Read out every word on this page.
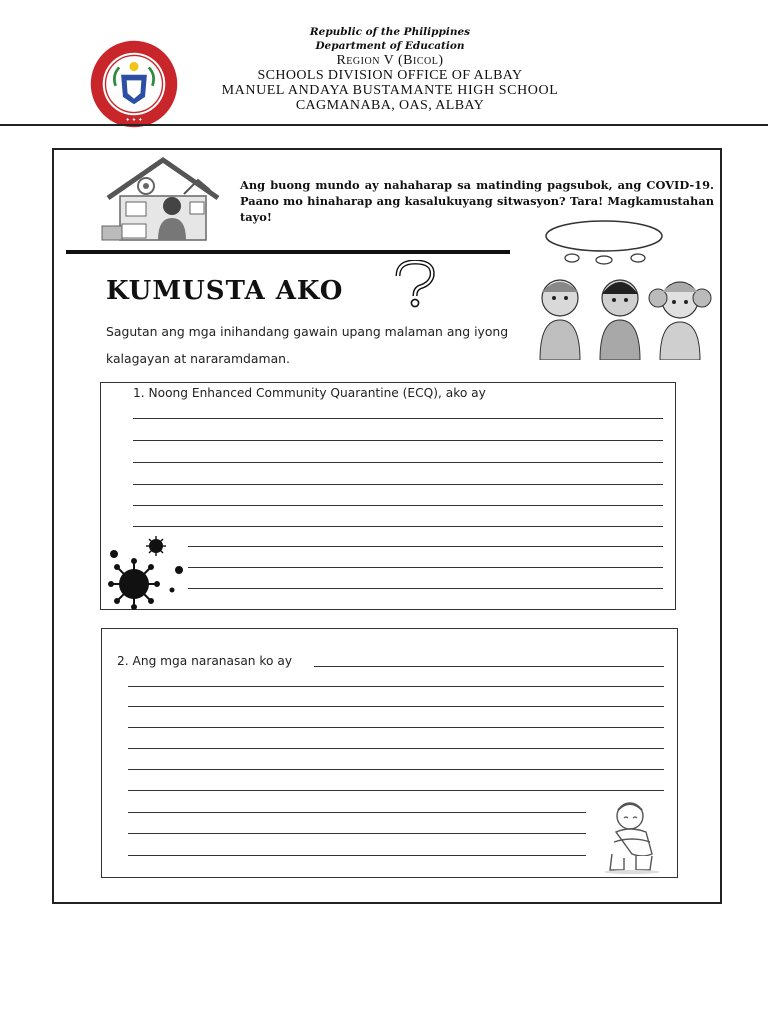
✦ ✦ ✦
Republic of the Philippines
Department of Education
Region V (Bicol)
SCHOOLS DIVISION OFFICE OF ALBAY
MANUEL ANDAYA BUSTAMANTE HIGH SCHOOL
CAGMANABA, OAS, ALBAY
Ang buong mundo ay nahaharap sa matinding pagsubok, ang COVID-19. Paano mo hinaharap ang kasalukuyang sitwasyon? Tara! Magkamustahan tayo!
KUMUSTA AKO
Sagutan ang mga inihandang gawain upang malaman ang iyong kalagayan at nararamdaman.
1. Noong Enhanced Community Quarantine (ECQ), ako ay
2. Ang mga naranasan ko ay
